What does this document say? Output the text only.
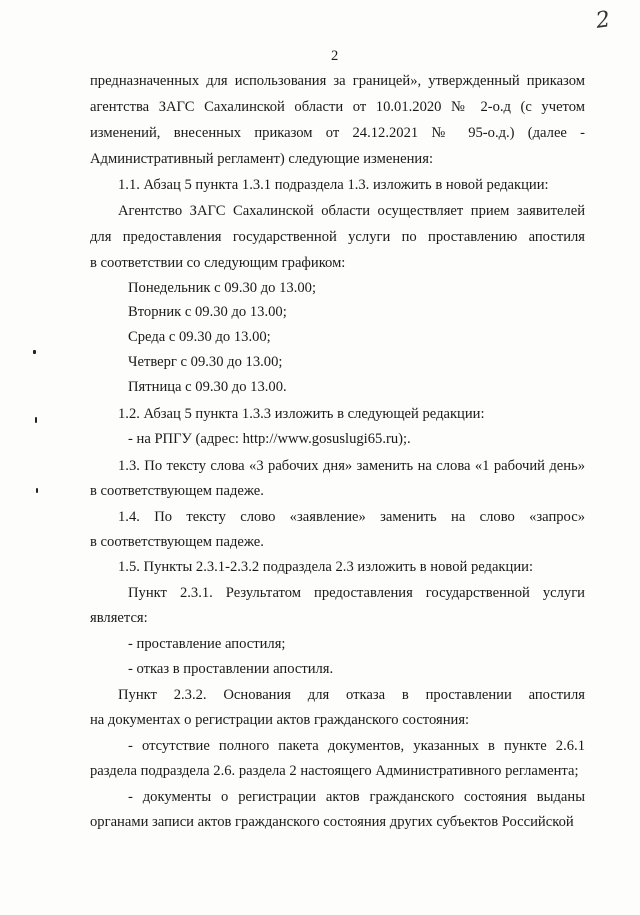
2
2
предназначенных для использования за границей», утвержденный приказом
агентства ЗАГС Сахалинской области от 10.01.2020 № 2-о.д (с учетом
изменений, внесенных приказом от 24.12.2021 № 95-о.д.) (далее -
Административный регламент) следующие изменения:
1.1. Абзац 5 пункта 1.3.1 подраздела 1.3. изложить в новой редакции:
Агентство ЗАГС Сахалинской области осуществляет прием заявителей
для предоставления государственной услуги по проставлению апостиля
в соответствии со следующим графиком:
Понедельник с 09.30 до 13.00;
Вторник с 09.30 до 13.00;
Среда с 09.30 до 13.00;
Четверг с 09.30 до 13.00;
Пятница с 09.30 до 13.00.
1.2. Абзац 5 пункта 1.3.3 изложить в следующей редакции:
- на РПГУ (адрес: http://www.gosuslugi65.ru);.
1.3. По тексту слова «3 рабочих дня» заменить на слова «1 рабочий день»
в соответствующем падеже.
1.4. По тексту слово «заявление» заменить на слово «запрос»
в соответствующем падеже.
1.5. Пункты 2.3.1-2.3.2 подраздела 2.3 изложить в новой редакции:
Пункт 2.3.1. Результатом предоставления государственной услуги
является:
- проставление апостиля;
- отказ в проставлении апостиля.
Пункт 2.3.2. Основания для отказа в проставлении апостиля
на документах о регистрации актов гражданского состояния:
- отсутствие полного пакета документов, указанных в пункте 2.6.1
раздела подраздела 2.6. раздела 2 настоящего Административного регламента;
- документы о регистрации актов гражданского состояния выданы
органами записи актов гражданского состояния других субъектов Российской
